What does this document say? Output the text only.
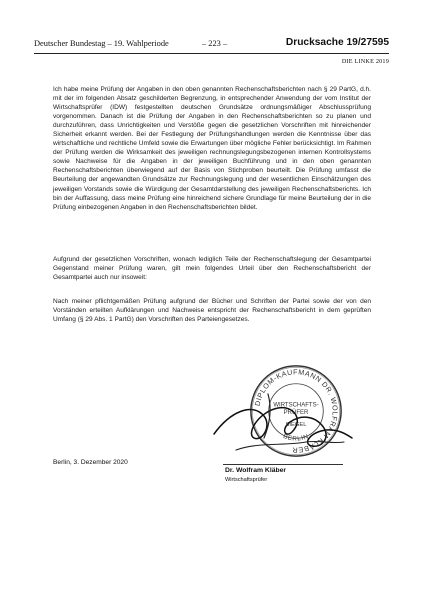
Deutscher Bundestag – 19. Wahlperiode	– 223 –	Drucksache 19/27595
DIE LINKE 2019

Ich habe meine Prüfung der Angaben in den oben genannten Rechenschaftsberichten nach § 29 PartG, d.h. mit der im folgenden Absatz geschilderten Begrenzung, in entsprechender Anwendung der vom Institut der Wirtschaftsprüfer (IDW) festgestellten deutschen Grundsätze ordnungsmäßiger Abschlussprüfung vorgenommen. Danach ist die Prüfung der Angaben in den Rechenschaftsberichten so zu planen und durchzuführen, dass Unrichtigkeiten und Verstöße gegen die gesetzlichen Vorschriften mit hinreichender Sicherheit erkannt werden. Bei der Festlegung der Prüfungshandlungen werden die Kenntnisse über das wirtschaftliche und rechtliche Umfeld sowie die Erwartungen über mögliche Fehler berücksichtigt. Im Rahmen der Prüfung werden die Wirksamkeit des jeweiligen rechnungslegungsbezogenen internen Kontrollsystems sowie Nachweise für die Angaben in der jeweiligen Buchführung und in den oben genannten Rechenschaftsberichten überwiegend auf der Basis von Stichproben beurteilt. Die Prüfung umfasst die Beurteilung der angewandten Grundsätze zur Rechnungslegung und der wesentlichen Einschätzungen des jeweiligen Vorstands sowie die Würdigung der Gesamtdarstellung des jeweiligen Rechenschaftsberichts. Ich bin der Auffassung, dass meine Prüfung eine hinreichend sichere Grundlage für meine Beurteilung der in die Prüfung einbezogenen Angaben in den Rechenschaftsberichten bildet.

Aufgrund der gesetzlichen Vorschriften, wonach lediglich Teile der Rechenschaftslegung der Gesamtpartei Gegenstand meiner Prüfung waren, gilt mein folgendes Urteil über den Rechenschaftsbericht der Gesamtpartei auch nur insoweit:

Nach meiner pflichtgemäßen Prüfung aufgrund der Bücher und Schriften der Partei sowie der von den Vorständen erteilten Aufklärungen und Nachweise entspricht der Rechenschaftsbericht in dem geprüften Umfang (§ 29 Abs. 1 PartG) den Vorschriften des Parteiengesetzes.

DIPLOM-KAUFMANN DR. WOLFRAM KLÄBER
WIRTSCHAFTS-
PRÜFER
SIEGEL
BERLIN
Berlin, 3. Dezember 2020
Dr. Wolfram Kläber
Wirtschaftsprüfer
